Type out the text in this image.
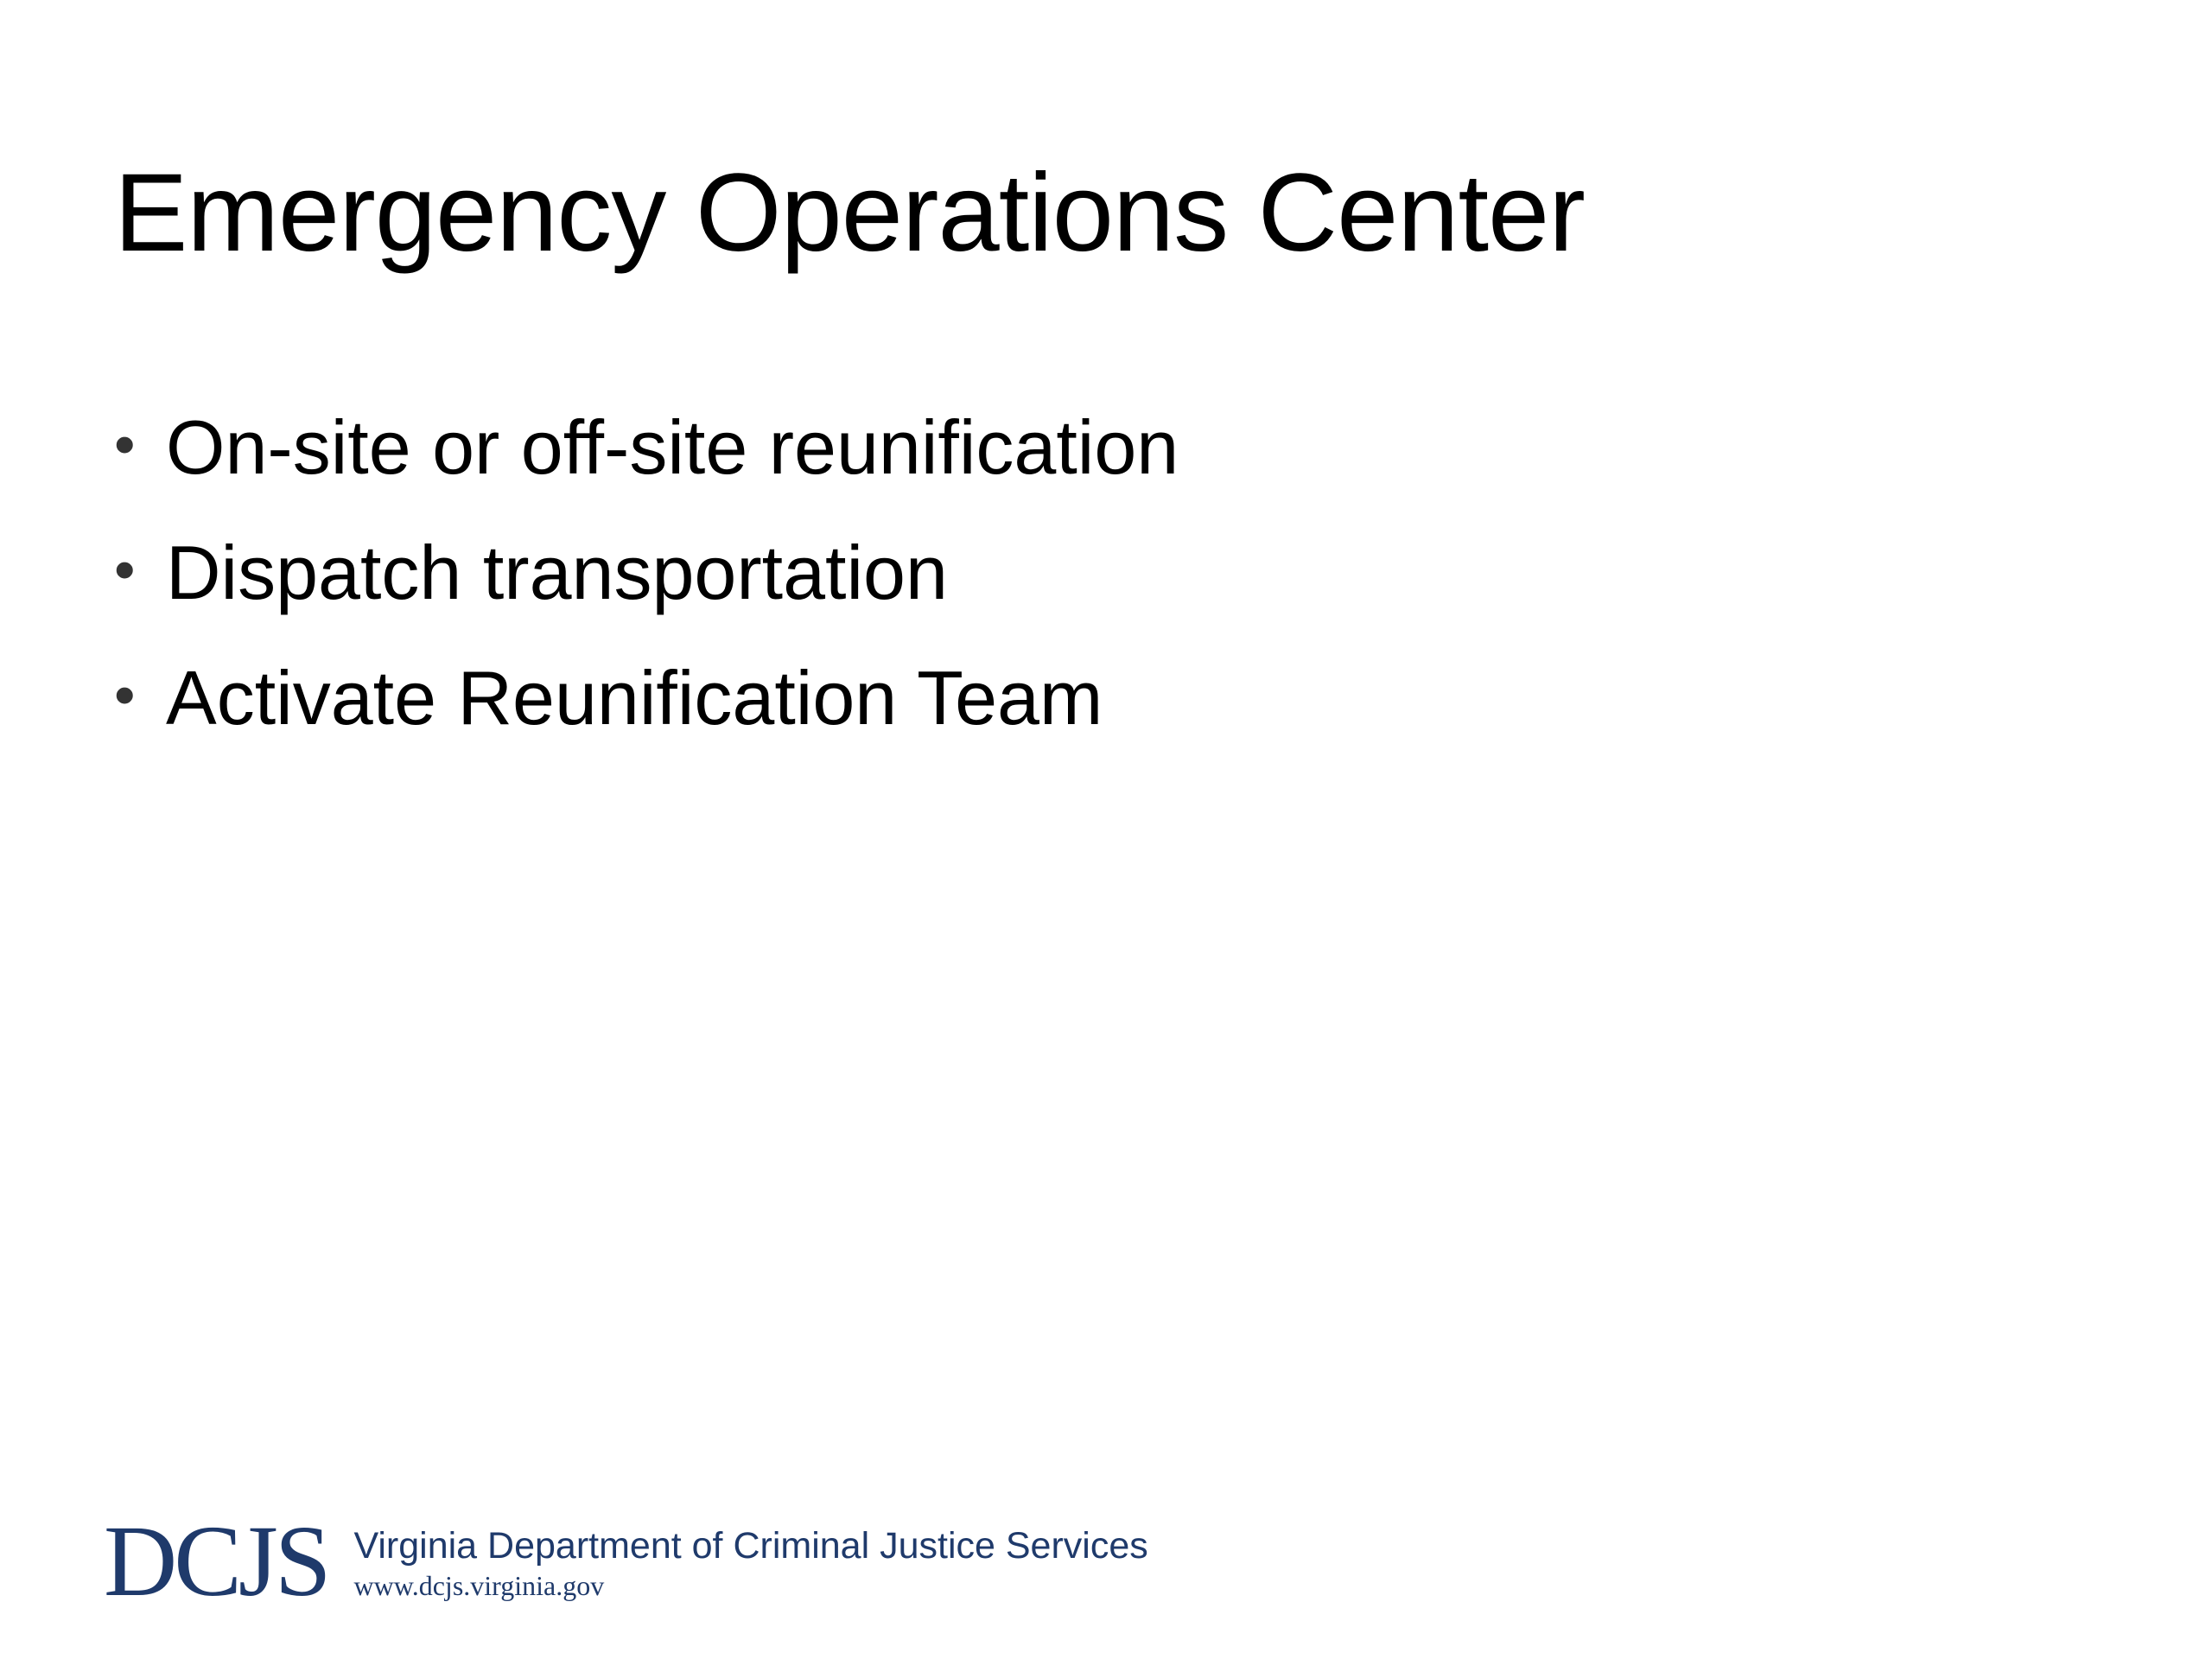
Emergency Operations Center
• On-site or off-site reunification
• Dispatch transportation
• Activate Reunification Team
DCJS Virginia Department of Criminal Justice Services
www.dcjs.virginia.gov
